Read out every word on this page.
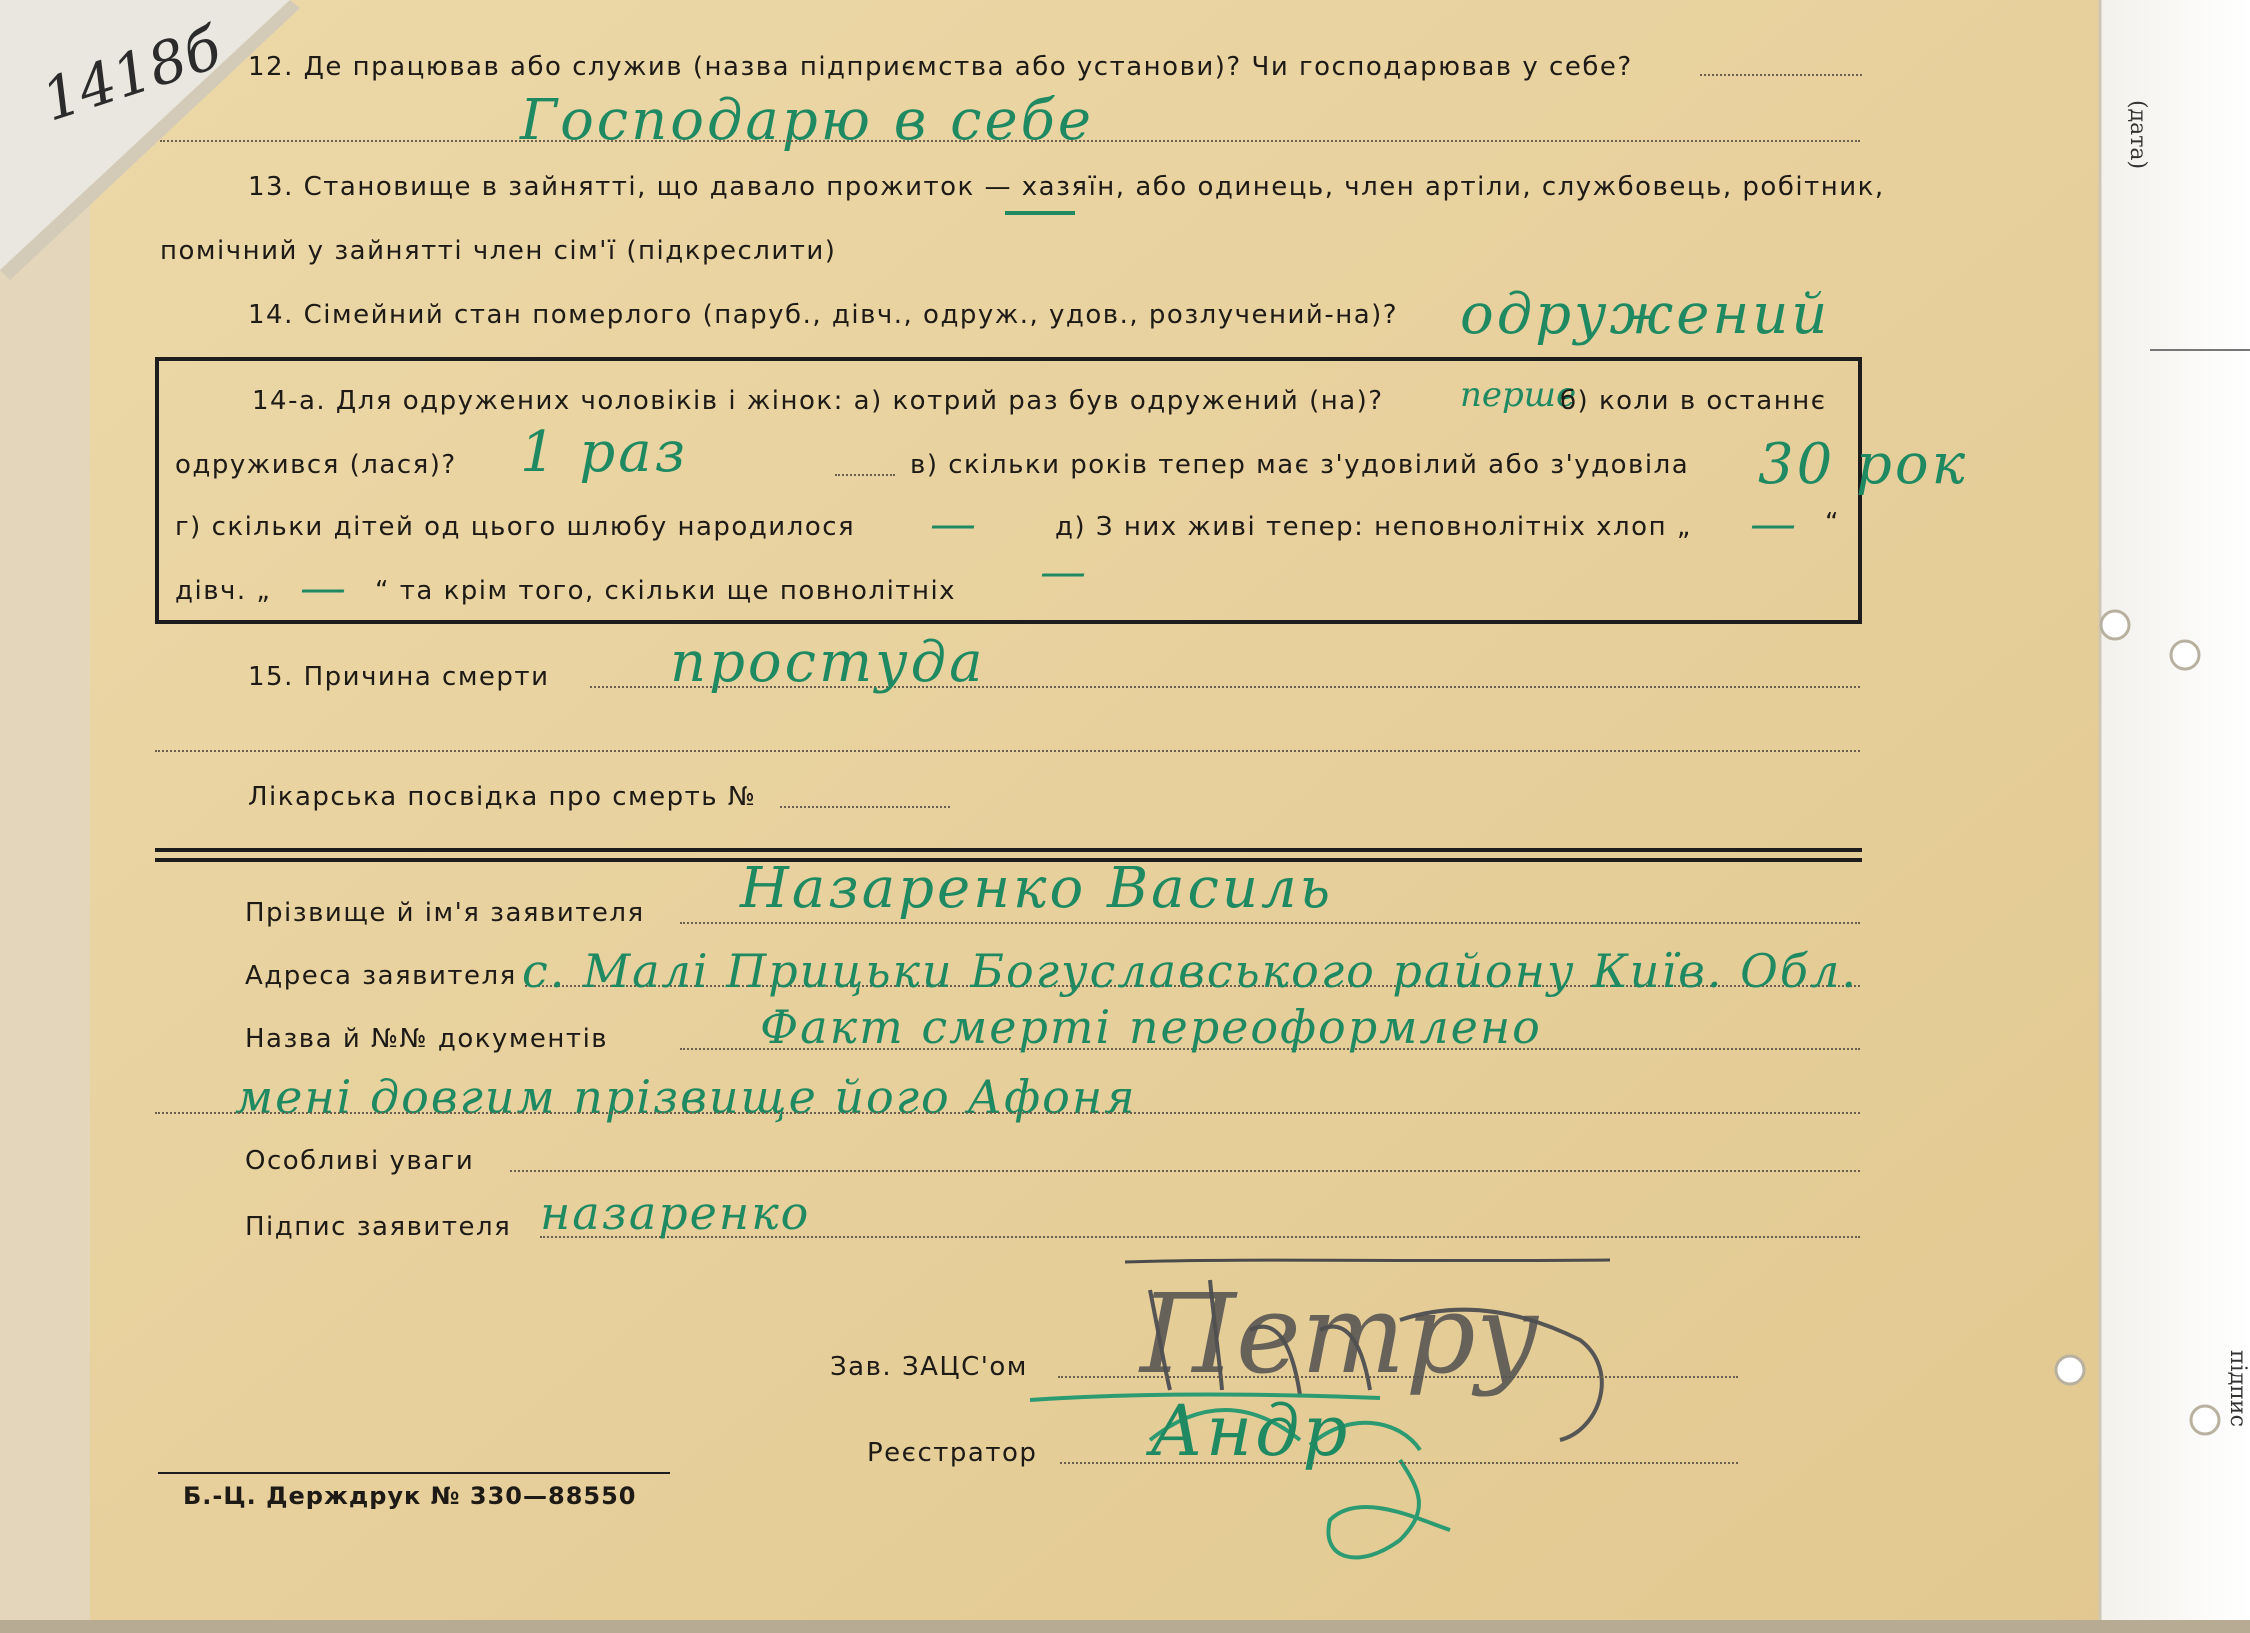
1418б	(дата)
підпис
12. Де працював або служив (назва підприємства або установи)? Чи господарював у себе?
Господарю в себе
13. Становище в зайнятті, що давало прожиток — хазяїн, або одинець, член артіли, службовець, робітник,
помічний у зайнятті член сім'ї (підкреслити)
14. Сімейний стан померлого (паруб., дівч., одруж., удов., розлучений-на)? одружений
14-а. Для одружених чоловіків і жінок: а) котрий раз був одружений (на)? перше
б) коли в останнє
одружився (лася)? 1 раз	в) скільки років тепер має з'удовілий або з'удовіла 30 рок
г) скільки дітей од цього шлюбу народилося —	д) З них живі тепер: неповнолітніх хлоп „ — “
дівч. „ — “ та крім того, скільки ще повнолітніх —
15. Причина смерти простуда
Лікарська посвідка про смерть №
Прізвище й ім'я заявителя Назаренко Василь
Адреса заявителя с. Малі Прицьки Богуславського району Київ. Обл.
Назва й №№ документів	Факт смерті переоформлено
мені довгим прізвище його Афоня
Особливі уваги
Підпис заявителя назаренко
Зав. ЗАЦС'ом Петру
Реєстратор Андр
Б.-Ц. Держдрук № 330—88550
